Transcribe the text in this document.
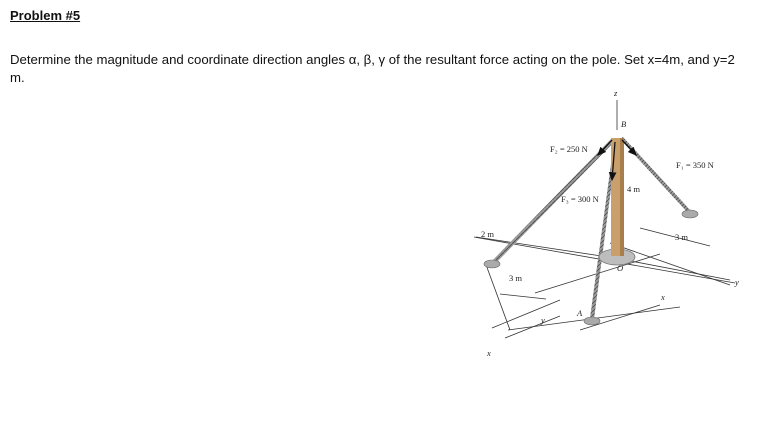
Problem #5
Determine the magnitude and coordinate direction angles α, β, γ of the resultant force acting on the pole. Set x=4m, and y=2 m.
z
B
F₂ = 250 N
F₁ = 350 N
F₃ = 300 N
4 m
2 m
3 m
3 m
O
A
x
y
x
y
